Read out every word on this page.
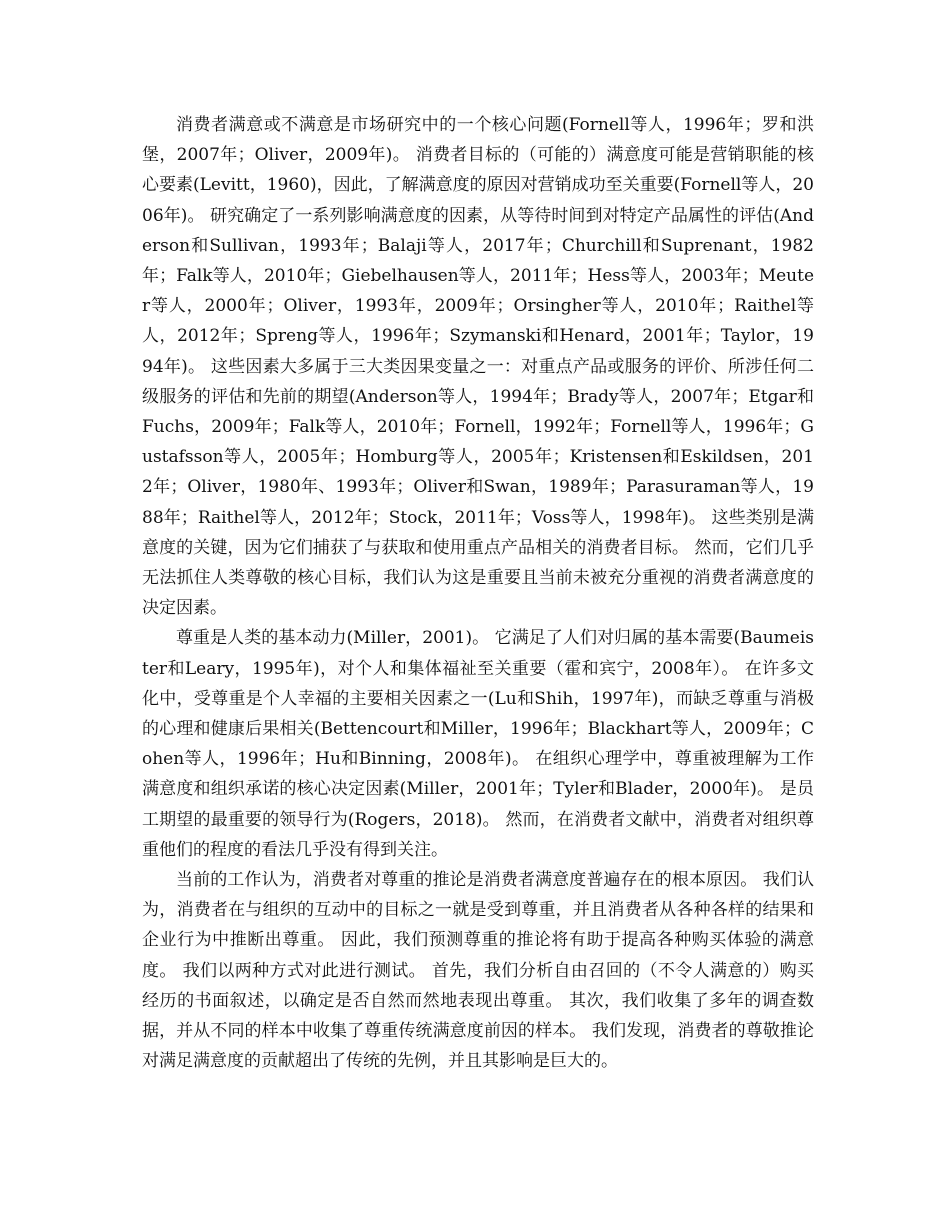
消费者满意或不满意是市场研究中的一个核心问题(Fornell等人，1996年；罗和洪堡，2007年；Oliver，2009年)。 消费者目标的（可能的）满意度可能是营销职能的核心要素(Levitt，1960)，因此，了解满意度的原因对营销成功至关重要(Fornell等人，2006年)。 研究确定了一系列影响满意度的因素，从等待时间到对特定产品属性的评估(Anderson和Sullivan，1993年；Balaji等人，2017年；Churchill和Suprenant，1982年；Falk等人，2010年；Giebelhausen等人，2011年；Hess等人，2003年；Meuter等人，2000年；Oliver，1993年，2009年；Orsingher等人，2010年；Raithel等人，2012年；Spreng等人，1996年；Szymanski和Henard，2001年；Taylor，1994年)。 这些因素大多属于三大类因果变量之一：对重点产品或服务的评价、所涉任何二级服务的评估和先前的期望(Anderson等人，1994年；Brady等人，2007年；Etgar和Fuchs，2009年；Falk等人，2010年；Fornell，1992年；Fornell等人，1996年；Gustafsson等人，2005年；Homburg等人，2005年；Kristensen和Eskildsen，2012年；Oliver，1980年、1993年；Oliver和Swan，1989年；Parasuraman等人，1988年；Raithel等人，2012年；Stock，2011年；Voss等人，1998年)。 这些类别是满意度的关键，因为它们捕获了与获取和使用重点产品相关的消费者目标。 然而，它们几乎无法抓住人类尊敬的核心目标，我们认为这是重要且当前未被充分重视的消费者满意度的决定因素。

尊重是人类的基本动力(Miller，2001)。 它满足了人们对归属的基本需要(Baumeister和Leary，1995年)，对个人和集体福祉至关重要（霍和宾宁，2008年）。 在许多文化中，受尊重是个人幸福的主要相关因素之一(Lu和Shih，1997年)，而缺乏尊重与消极的心理和健康后果相关(Bettencourt和Miller，1996年；Blackhart等人，2009年；Cohen等人，1996年；Hu和Binning，2008年)。 在组织心理学中，尊重被理解为工作满意度和组织承诺的核心决定因素(Miller，2001年；Tyler和Blader，2000年)。 是员工期望的最重要的领导行为(Rogers，2018)。 然而，在消费者文献中，消费者对组织尊重他们的程度的看法几乎没有得到关注。

当前的工作认为，消费者对尊重的推论是消费者满意度普遍存在的根本原因。 我们认为，消费者在与组织的互动中的目标之一就是受到尊重，并且消费者从各种各样的结果和企业行为中推断出尊重。 因此，我们预测尊重的推论将有助于提高各种购买体验的满意度。 我们以两种方式对此进行测试。 首先，我们分析自由召回的（不令人满意的）购买经历的书面叙述，以确定是否自然而然地表现出尊重。 其次，我们收集了多年的调查数据，并从不同的样本中收集了尊重传统满意度前因的样本。 我们发现，消费者的尊敬推论对满足满意度的贡献超出了传统的先例，并且其影响是巨大的。
